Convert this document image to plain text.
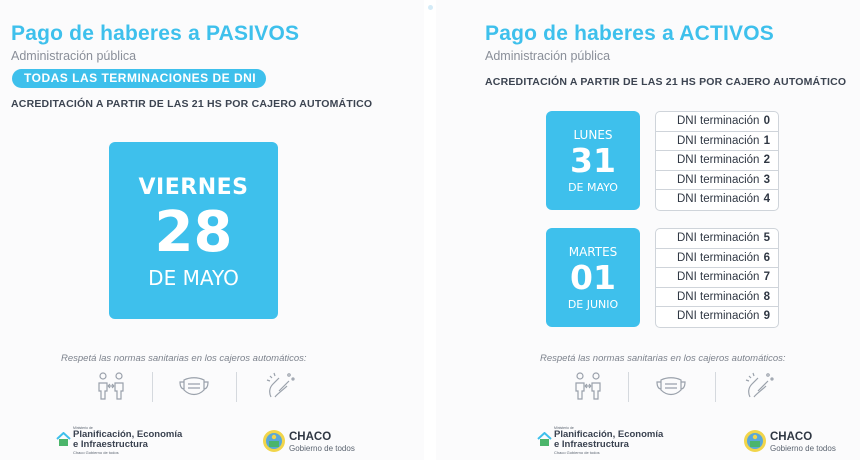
Pago de haberes a PASIVOS
Administración pública
TODAS LAS TERMINACIONES DE DNI
ACREDITACIÓN A PARTIR DE LAS 21 HS POR CAJERO AUTOMÁTICO
VIERNES
28
DE MAYO
Respetá las normas sanitarias en los cajeros automáticos:
Ministerio de
Planificación, Economía
e Infraestructura
Chaco Gobierno de todos
CHACO
Gobierno de todos
Pago de haberes a ACTIVOS
Administración pública
ACREDITACIÓN A PARTIR DE LAS 21 HS POR CAJERO AUTOMÁTICO
LUNES
31
DE MAYO
DNI terminación 0
DNI terminación 1
DNI terminación 2
DNI terminación 3
DNI terminación 4
MARTES
01
DE JUNIO
DNI terminación 5
DNI terminación 6
DNI terminación 7
DNI terminación 8
DNI terminación 9
Respetá las normas sanitarias en los cajeros automáticos:
Ministerio de
Planificación, Economía
e Infraestructura
Chaco Gobierno de todos
CHACO
Gobierno de todos
